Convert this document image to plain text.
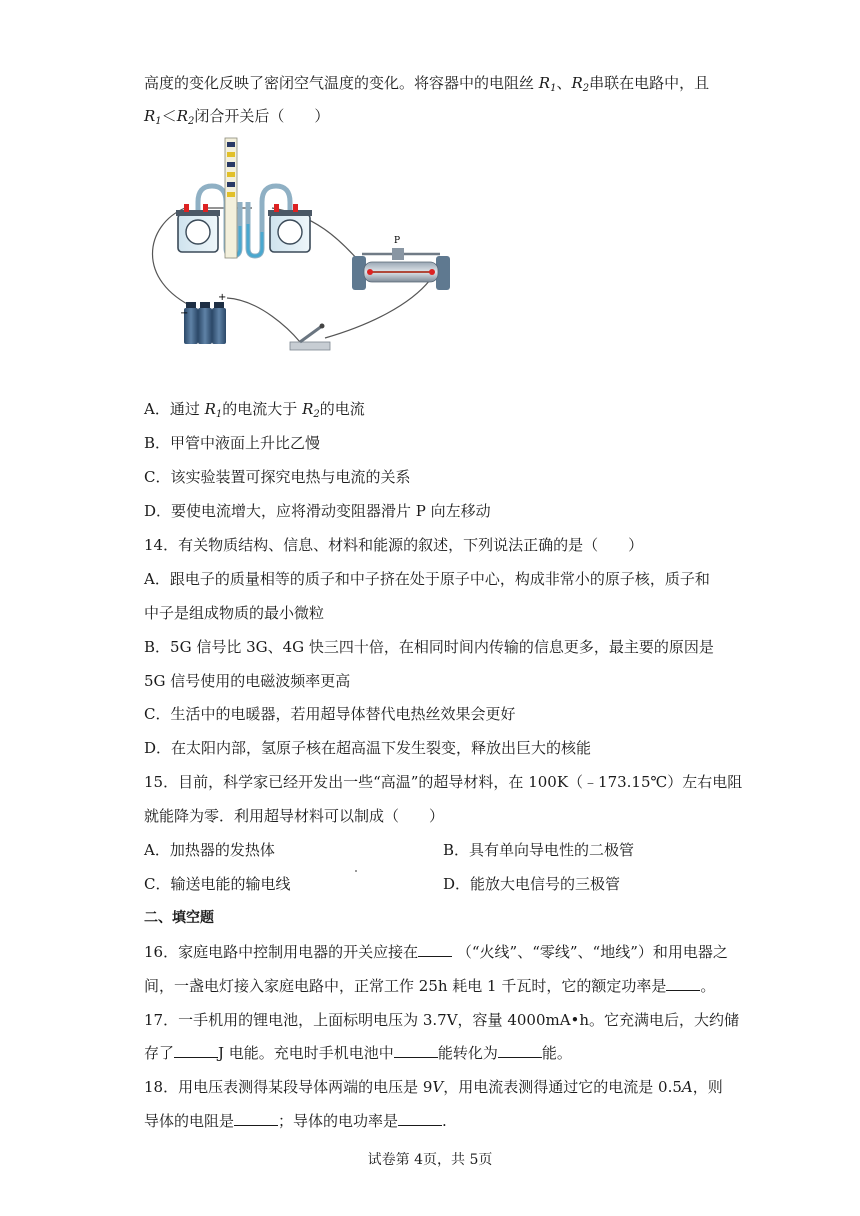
高度的变化反映了密闭空气温度的变化。将容器中的电阻丝 $R_1$、$R_2$串联在电路中，且
$R_1<R_2$闭合开关后（　　）
P
−
+
A．通过 $R_1$的电流大于 $R_2$的电流
B．甲管中液面上升比乙慢
C．该实验装置可探究电热与电流的关系
D．要使电流增大，应将滑动变阻器滑片 P 向左移动
14．有关物质结构、信息、材料和能源的叙述，下列说法正确的是（　　）
A．跟电子的质量相等的质子和中子挤在处于原子中心，构成非常小的原子核，质子和
中子是组成物质的最小微粒
B．5G 信号比 3G、4G 快三四十倍，在相同时间内传输的信息更多，最主要的原因是
5G 信号使用的电磁波频率更高
C．生活中的电暖器，若用超导体替代电热丝效果会更好
D．在太阳内部，氢原子核在超高温下发生裂变，释放出巨大的核能
15．目前，科学家已经开发出一些“高温”的超导材料，在 100K（﹣173.15℃）左右电阻
就能降为零．利用超导材料可以制成（　　）
A．加热器的发热体	B．具有单向导电性的二极管
C．输送电能的输电线	D．能放大电信号的三极管
二、填空题
16．家庭电路中控制用电器的开关应接在	（“火线”、“零线”、“地线”）和用电器之
间，一盏电灯接入家庭电路中，正常工作 25h 耗电 1 千瓦时，它的额定功率是 。
17．一手机用的锂电池，上面标明电压为 3.7V，容量 4000mA•h。它充满电后，大约储
存了	J 电能。充电时手机电池中	能转化为	能。
18．用电压表测得某段导体两端的电压是 9V，用电流表测得通过它的电流是 0.5A，则
导体的电阻是	；导体的电功率是	.
试卷第 4页，共 5页
